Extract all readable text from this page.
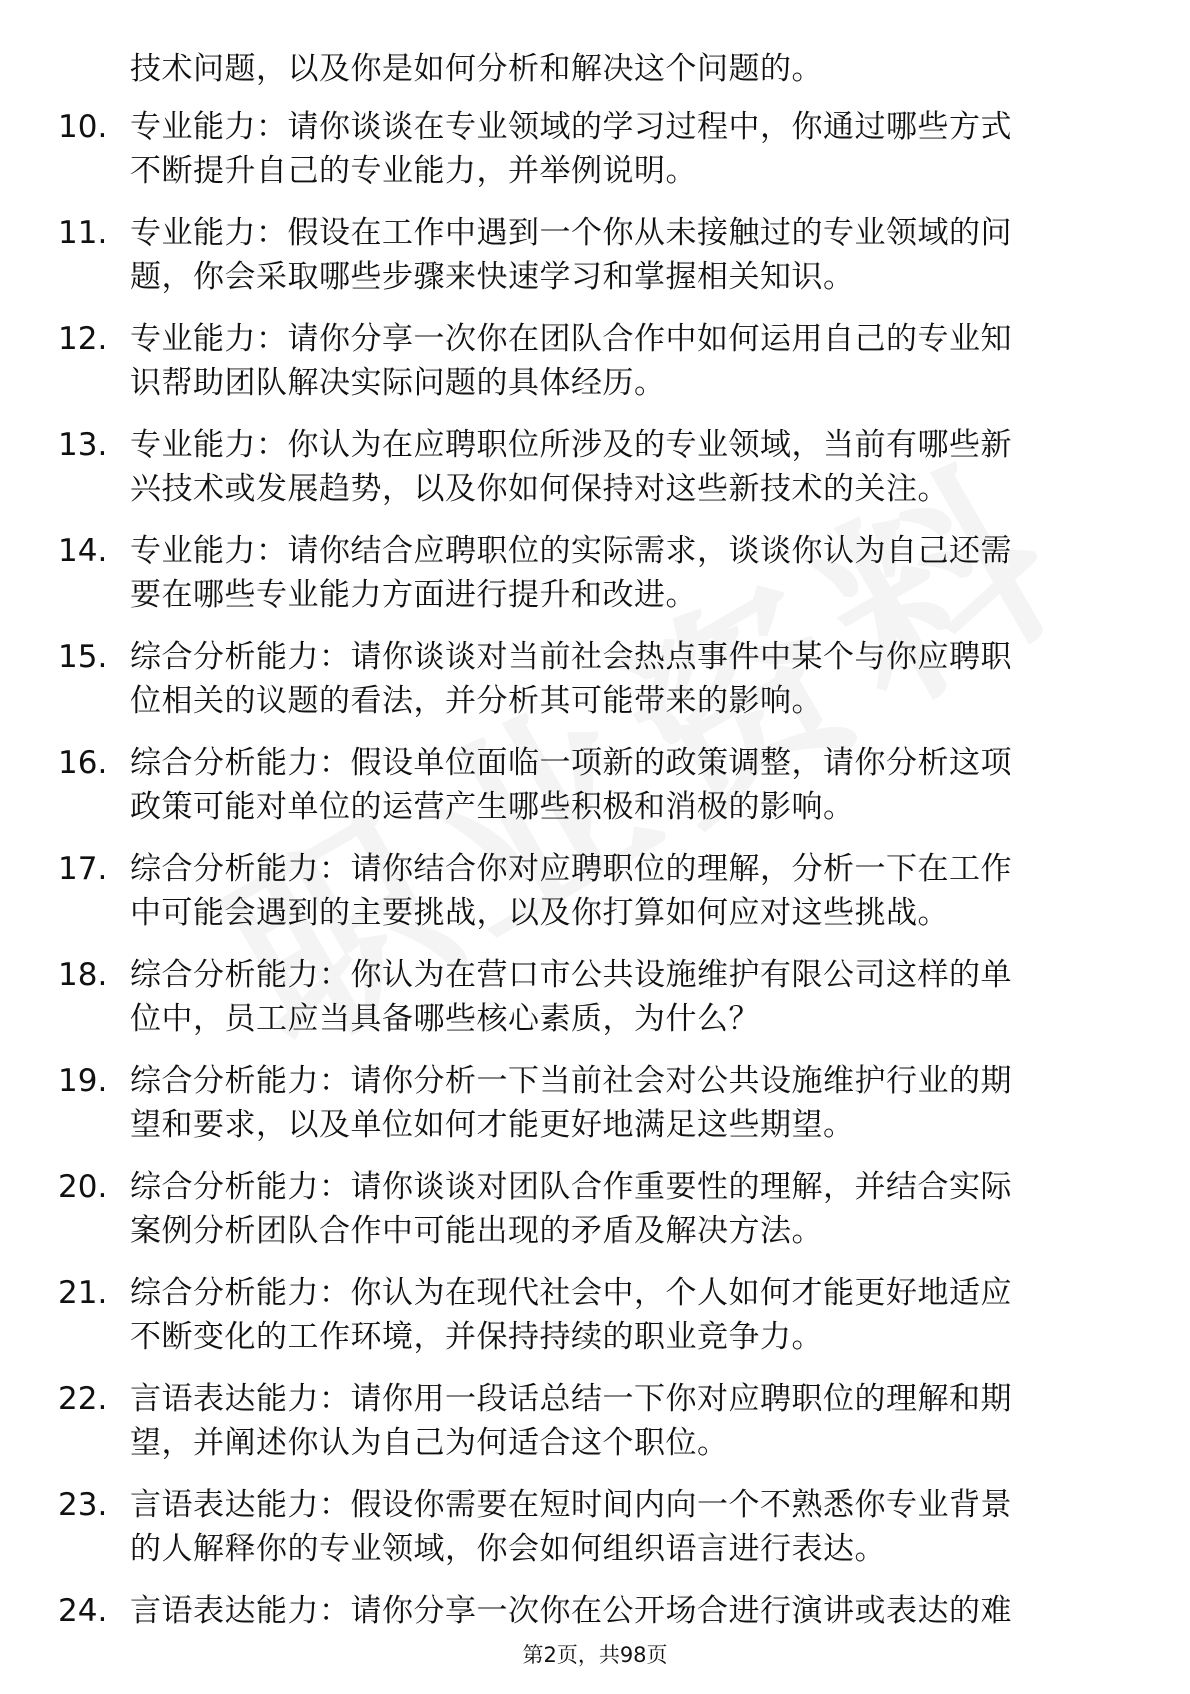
技术问题，以及你是如何分析和解决这个问题的。
10. 专业能力：请你谈谈在专业领域的学习过程中，你通过哪些方式
不断提升自己的专业能力，并举例说明。
11. 专业能力：假设在工作中遇到一个你从未接触过的专业领域的问
题，你会采取哪些步骤来快速学习和掌握相关知识。
12. 专业能力：请你分享一次你在团队合作中如何运用自己的专业知
识帮助团队解决实际问题的具体经历。
13. 专业能力：你认为在应聘职位所涉及的专业领域，当前有哪些新
兴技术或发展趋势，以及你如何保持对这些新技术的关注。
14. 专业能力：请你结合应聘职位的实际需求，谈谈你认为自己还需
要在哪些专业能力方面进行提升和改进。
15. 综合分析能力：请你谈谈对当前社会热点事件中某个与你应聘职
位相关的议题的看法，并分析其可能带来的影响。
16. 综合分析能力：假设单位面临一项新的政策调整，请你分析这项
政策可能对单位的运营产生哪些积极和消极的影响。
17. 综合分析能力：请你结合你对应聘职位的理解，分析一下在工作
中可能会遇到的主要挑战，以及你打算如何应对这些挑战。
18. 综合分析能力：你认为在营口市公共设施维护有限公司这样的单
位中，员工应当具备哪些核心素质，为什么？
19. 综合分析能力：请你分析一下当前社会对公共设施维护行业的期
望和要求，以及单位如何才能更好地满足这些期望。
20. 综合分析能力：请你谈谈对团队合作重要性的理解，并结合实际
案例分析团队合作中可能出现的矛盾及解决方法。
21. 综合分析能力：你认为在现代社会中，个人如何才能更好地适应
不断变化的工作环境，并保持持续的职业竞争力。
22. 言语表达能力：请你用一段话总结一下你对应聘职位的理解和期
望，并阐述你认为自己为何适合这个职位。
23. 言语表达能力：假设你需要在短时间内向一个不熟悉你专业背景
的人解释你的专业领域，你会如何组织语言进行表达。
24. 言语表达能力：请你分享一次你在公开场合进行演讲或表达的难
第2页，共98页
